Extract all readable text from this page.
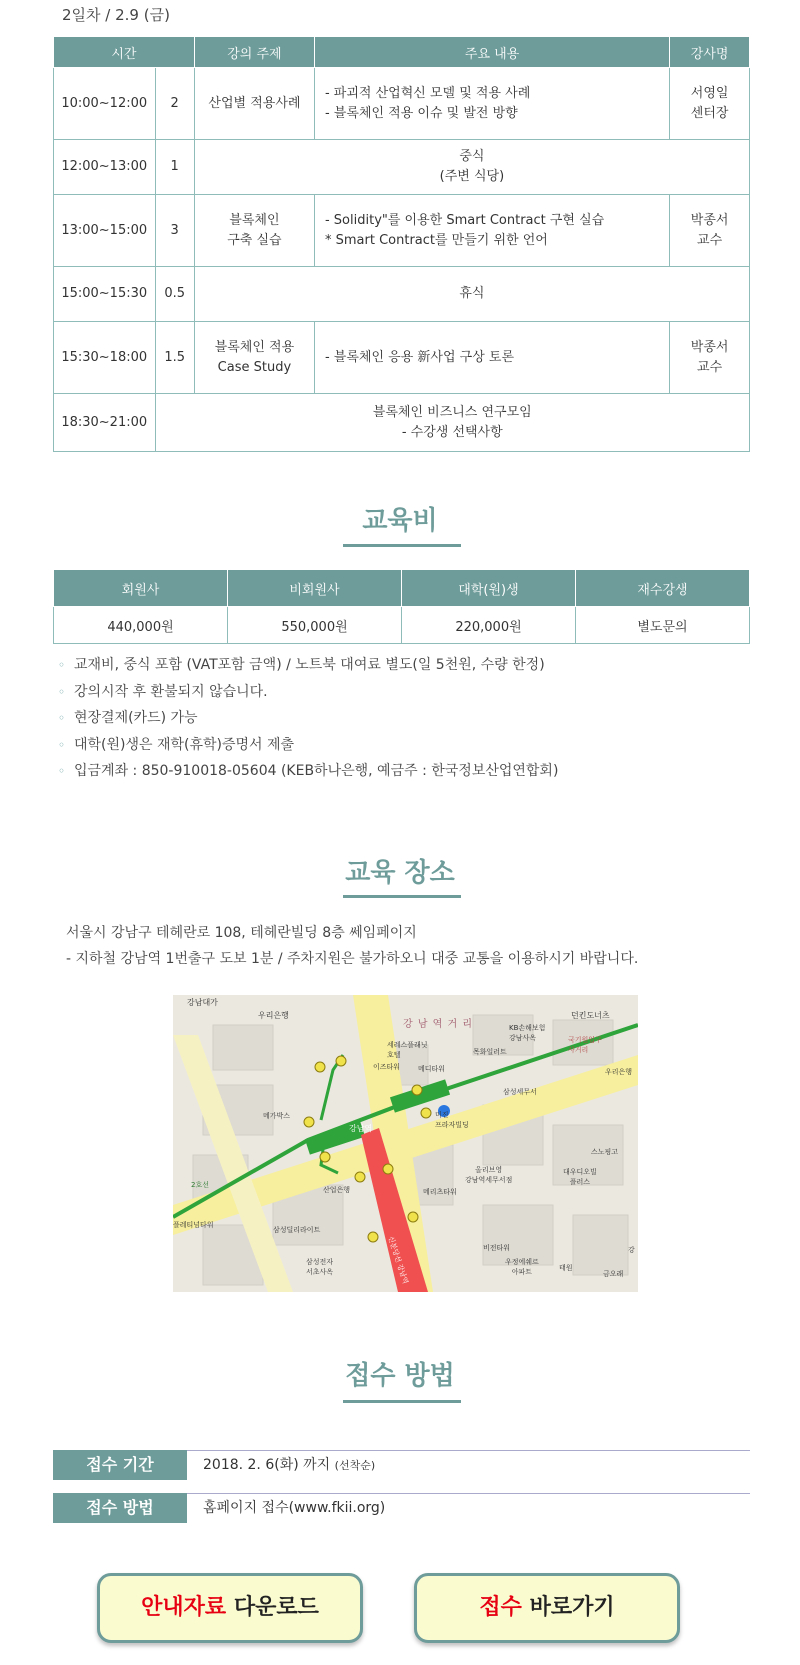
2일차 / 2.9 (금)
시간		강의 주제	주요 내용	강사명
10:00~12:00	2	산업별 적용사례	- 파괴적 산업혁신 모델 및 적용 사례
- 블록체인 적용 이슈 및 발전 방향	서영일
센터장

12:00~13:00	1	중식
(주변 식당)		

13:00~15:00	3	블록체인
구축 실습	- Solidity"를 이용한 Smart Contract 구현 실습
* Smart Contract를 만들기 위한 언어	박종서
교수

15:00~15:30	0.5	휴식		

15:30~18:00	1.5	블록체인 적용
Case Study	- 블록체인 응용 新사업 구상 토론	박종서
교수

18:30~21:00	블록체인 비즈니스 연구모임
- 수강생 선택사항			
교육비
회원사	비회원사	대학(원)생	재수강생
440,000원	550,000원	220,000원	별도문의
◦ 교재비, 중식 포함 (VAT포함 금액) / 노트북 대여료 별도(일 5천원, 수량 한정)
◦ 강의시작 후 환불되지 않습니다.
◦ 현장결제(카드) 가능
◦ 대학(원)생은 재학(휴학)증명서 제출
◦ 입금계좌 : 850-910018-05604 (KEB하나은행, 예금주 : 한국정보산업연합회)
교육 장소
서울시 강남구 테헤란로 108, 테헤란빌딩 8층 쎄임페이지
- 지하철 강남역 1번출구 도보 1분 / 주차지원은 불가하오니 대중 교통을 이용하시기 바랍니다.
강남대가
우리은행
강 남 역 거 리	KB손해보험
강남사옥
던킨도너츠
국기원입구
사거리
우리은행
세레스플래닛
호텔	목화일러트
이즈타워	메디타워
삼성세무서
메가박스	미진
프라자빌딩
스노핑고
올리브영
강남역세무서점
대우디오빌
플러스
산업은행	메리츠타워
플레티넘타워
삼성딜리라이트
삼성전자
서초사옥
비전타워
우정에쉐르
아파트	태원
금오래
강
2호선
신분당선 강남역
강남역
접수 방법
접수 기간	2018. 2. 6(화) 까지 (선착순)
접수 방법	홈페이지 접수(www.fkii.org)
안내자료 다운로드	접수 바로가기
